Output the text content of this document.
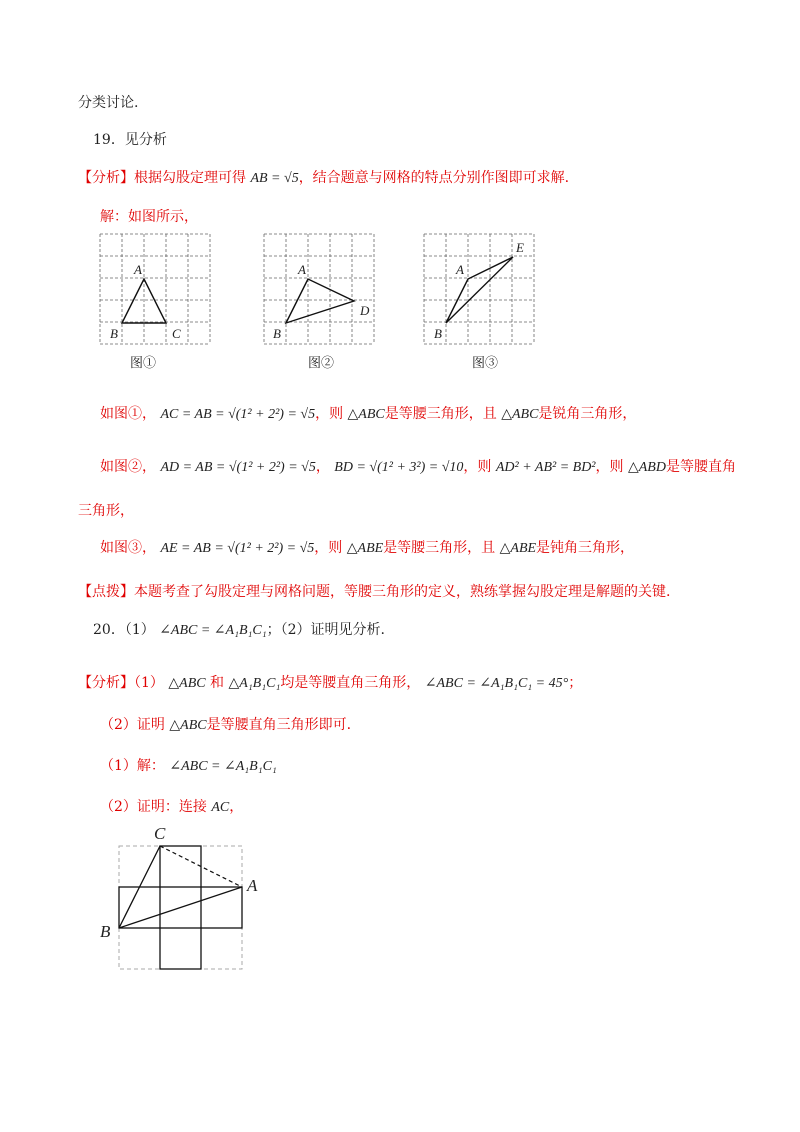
分类讨论.
19．见分析
【分析】根据勾股定理可得 AB = √5，结合题意与网格的特点分别作图即可求解.
解：如图所示，
A
B	C
图①
A
B
D
图②
A
B
E
图③
如图①， AC = AB = √(1² + 2²) = √5，则 △ABC是等腰三角形，且 △ABC是锐角三角形，
如图②， AD = AB = √(1² + 2²) = √5， BD = √(1² + 3²) = √10，则 AD² + AB² = BD²，则 △ABD是等腰直角
三角形，
如图③， AE = AB = √(1² + 2²) = √5，则 △ABE是等腰三角形，且 △ABE是钝角三角形，
【点拨】本题考查了勾股定理与网格问题，等腰三角形的定义，熟练掌握勾股定理是解题的关键.
20．（1） ∠ABC = ∠A₁B₁C₁；（2）证明见分析.
【分析】（1） △ABC 和 △A₁B₁C₁均是等腰直角三角形， ∠ABC = ∠A₁B₁C₁ = 45°；
（2）证明 △ABC是等腰直角三角形即可.
（1）解： ∠ABC = ∠A₁B₁C₁
（2）证明：连接 AC，
C
A
B
